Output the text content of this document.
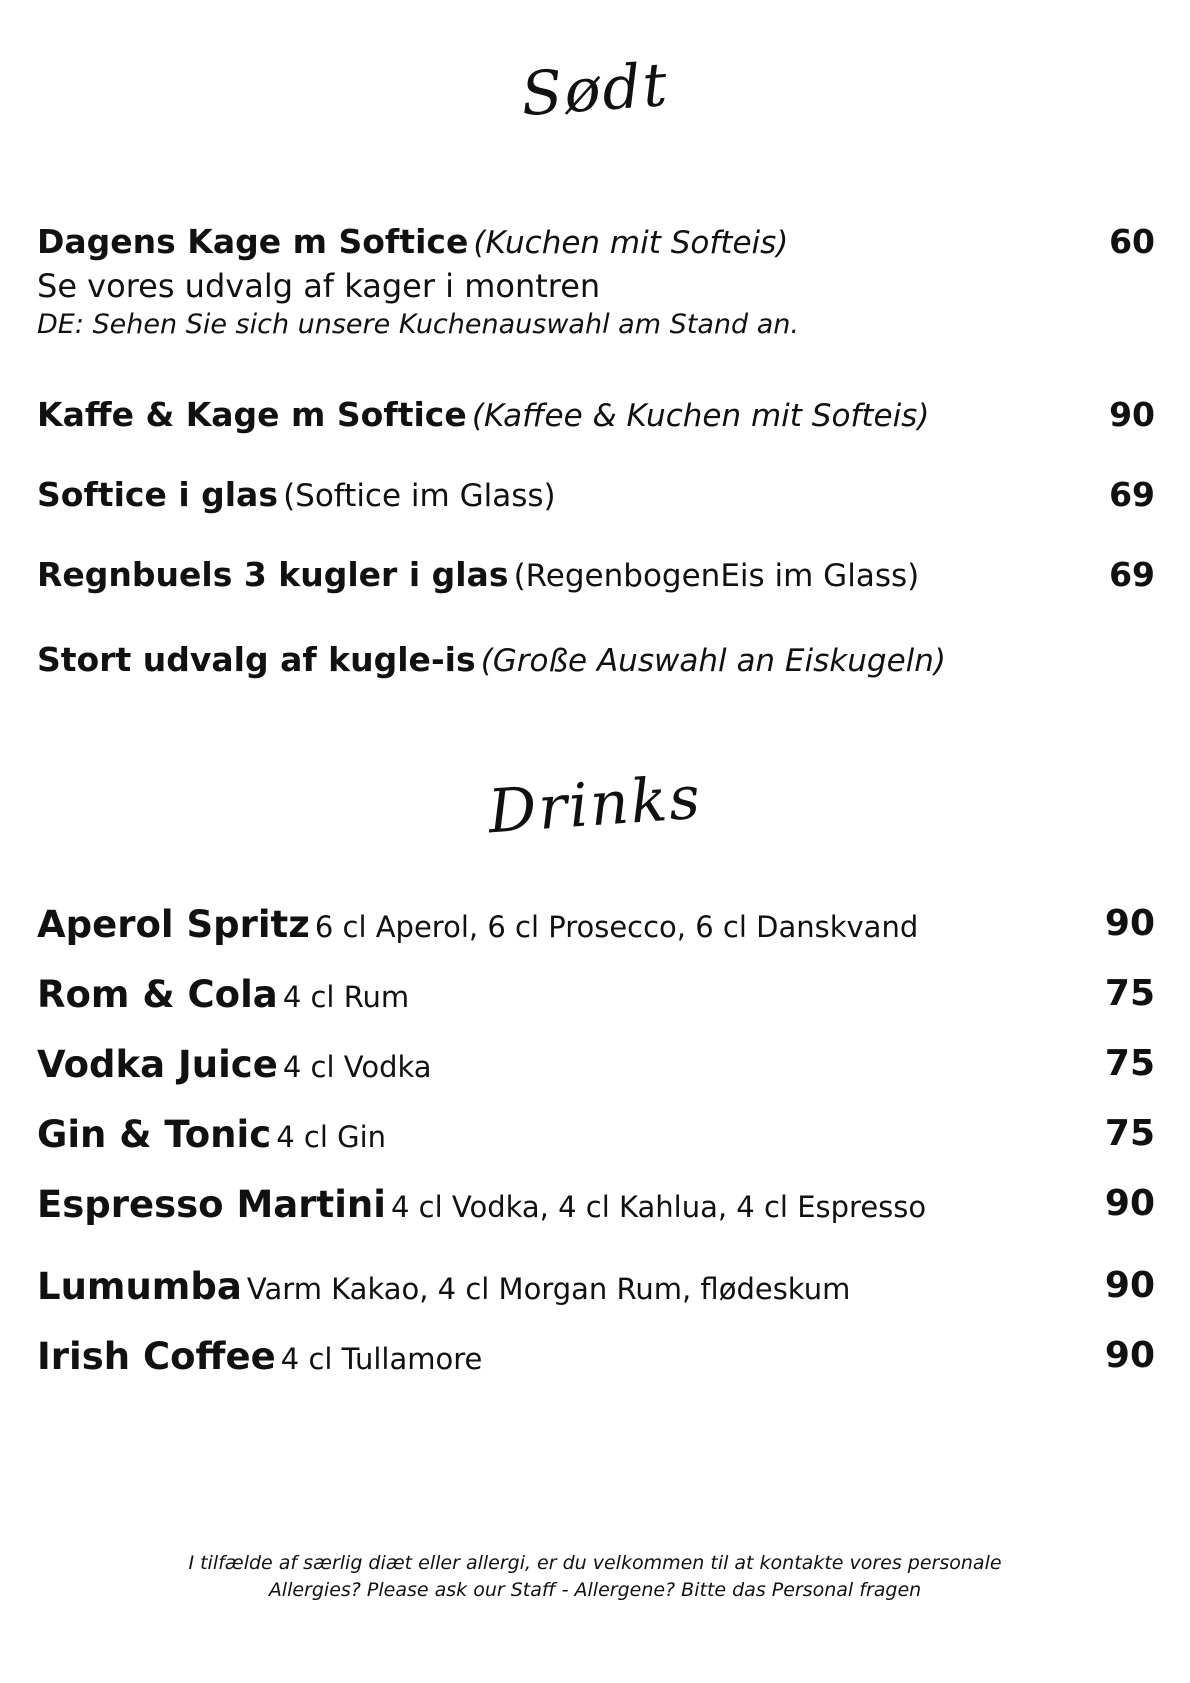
Sødt
Dagens Kage m Softice (Kuchen mit Softeis)	60
Se vores udvalg af kager i montren
DE: Sehen Sie sich unsere Kuchenauswahl am Stand an.
Kaffe & Kage m Softice (Kaffee & Kuchen mit Softeis)	90
Softice i glas (Softice im Glass)	69
Regnbuels 3 kugler i glas (RegenbogenEis im Glass)	69
Stort udvalg af kugle-is (Große Auswahl an Eiskugeln)
Drinks
Aperol Spritz 6 cl Aperol, 6 cl Prosecco, 6 cl Danskvand	90
Rom & Cola 4 cl Rum	75
Vodka Juice 4 cl Vodka	75
Gin & Tonic 4 cl Gin	75
Espresso Martini 4 cl Vodka, 4 cl Kahlua, 4 cl Espresso	90
Lumumba Varm Kakao, 4 cl Morgan Rum, flødeskum	90
Irish Coffee 4 cl Tullamore	90
I tilfælde af særlig diæt eller allergi, er du velkommen til at kontakte vores personale
Allergies? Please ask our Staff - Allergene? Bitte das Personal fragen
